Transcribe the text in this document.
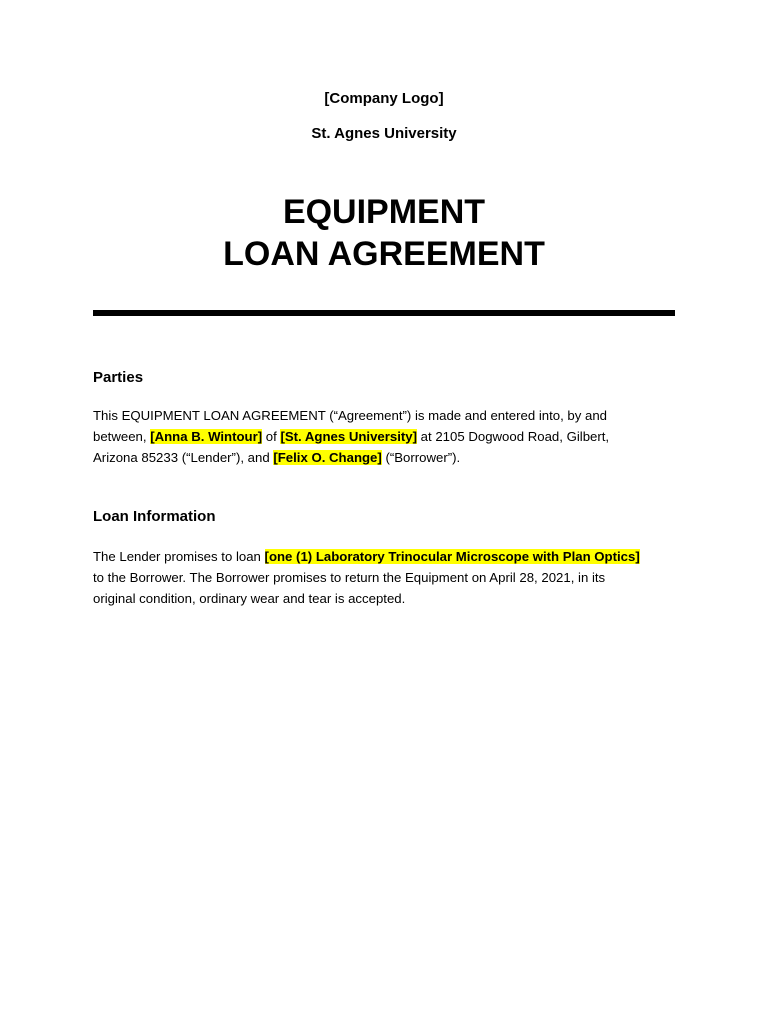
[Company Logo]
St. Agnes University
EQUIPMENT
LOAN AGREEMENT
Parties
This EQUIPMENT LOAN AGREEMENT (“Agreement”) is made and entered into, by and
between, [Anna B. Wintour] of [St. Agnes University] at 2105 Dogwood Road, Gilbert,
Arizona 85233 (“Lender”), and [Felix O. Change] (“Borrower”).
Loan Information
The Lender promises to loan [one (1) Laboratory Trinocular Microscope with Plan Optics]
to the Borrower. The Borrower promises to return the Equipment on April 28, 2021, in its
original condition, ordinary wear and tear is accepted.
